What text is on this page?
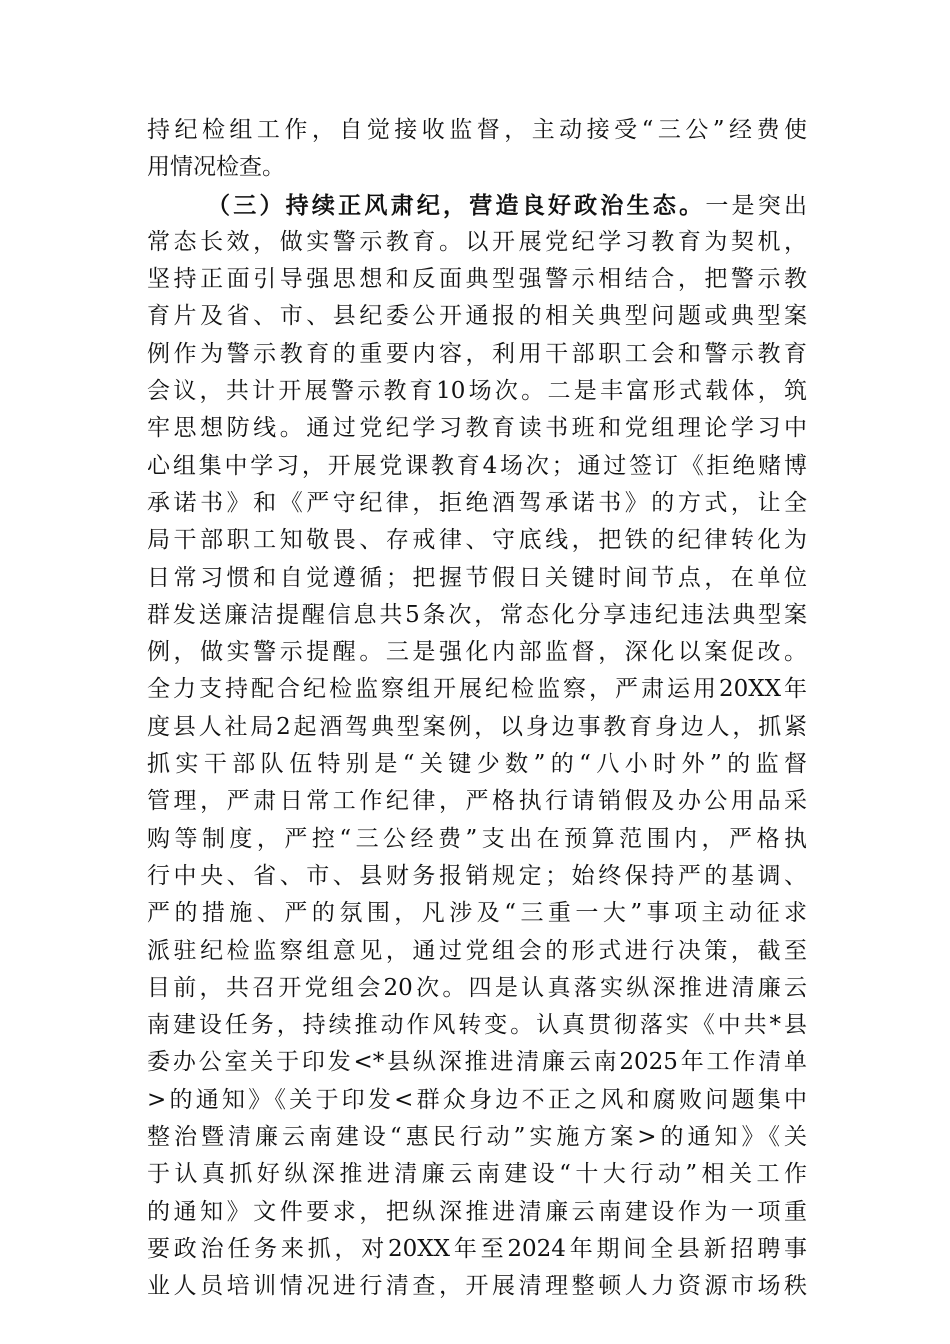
持纪检组工作，自觉接收监督，主动接受“三公”经费使
用情况检查。
（三）持续正风肃纪，营造良好政治生态。一是突出
常态长效，做实警示教育。以开展党纪学习教育为契机，
坚持正面引导强思想和反面典型强警示相结合，把警示教
育片及省、市、县纪委公开通报的相关典型问题或典型案
例作为警示教育的重要内容，利用干部职工会和警示教育
会议，共计开展警示教育10场次。二是丰富形式载体，筑
牢思想防线。通过党纪学习教育读书班和党组理论学习中
心组集中学习，开展党课教育4场次；通过签订《拒绝赌博
承诺书》和《严守纪律，拒绝酒驾承诺书》的方式，让全
局干部职工知敬畏、存戒律、守底线，把铁的纪律转化为
日常习惯和自觉遵循；把握节假日关键时间节点，在单位
群发送廉洁提醒信息共5条次，常态化分享违纪违法典型案
例，做实警示提醒。三是强化内部监督，深化以案促改。
全力支持配合纪检监察组开展纪检监察，严肃运用20XX年
度县人社局2起酒驾典型案例，以身边事教育身边人，抓紧
抓实干部队伍特别是“关键少数”的“八小时外”的监督
管理，严肃日常工作纪律，严格执行请销假及办公用品采
购等制度，严控“三公经费”支出在预算范围内，严格执
行中央、省、市、县财务报销规定；始终保持严的基调、
严的措施、严的氛围，凡涉及“三重一大”事项主动征求
派驻纪检监察组意见，通过党组会的形式进行决策，截至
目前，共召开党组会20次。四是认真落实纵深推进清廉云
南建设任务，持续推动作风转变。认真贯彻落实《中共*县
委办公室关于印发<*县纵深推进清廉云南2025年工作清单
>的通知》《关于印发<群众身边不正之风和腐败问题集中
整治暨清廉云南建设“惠民行动”实施方案>的通知》《关
于认真抓好纵深推进清廉云南建设“十大行动”相关工作
的通知》文件要求，把纵深推进清廉云南建设作为一项重
要政治任务来抓，对20XX年至2024年期间全县新招聘事
业人员培训情况进行清查，开展清理整顿人力资源市场秩
